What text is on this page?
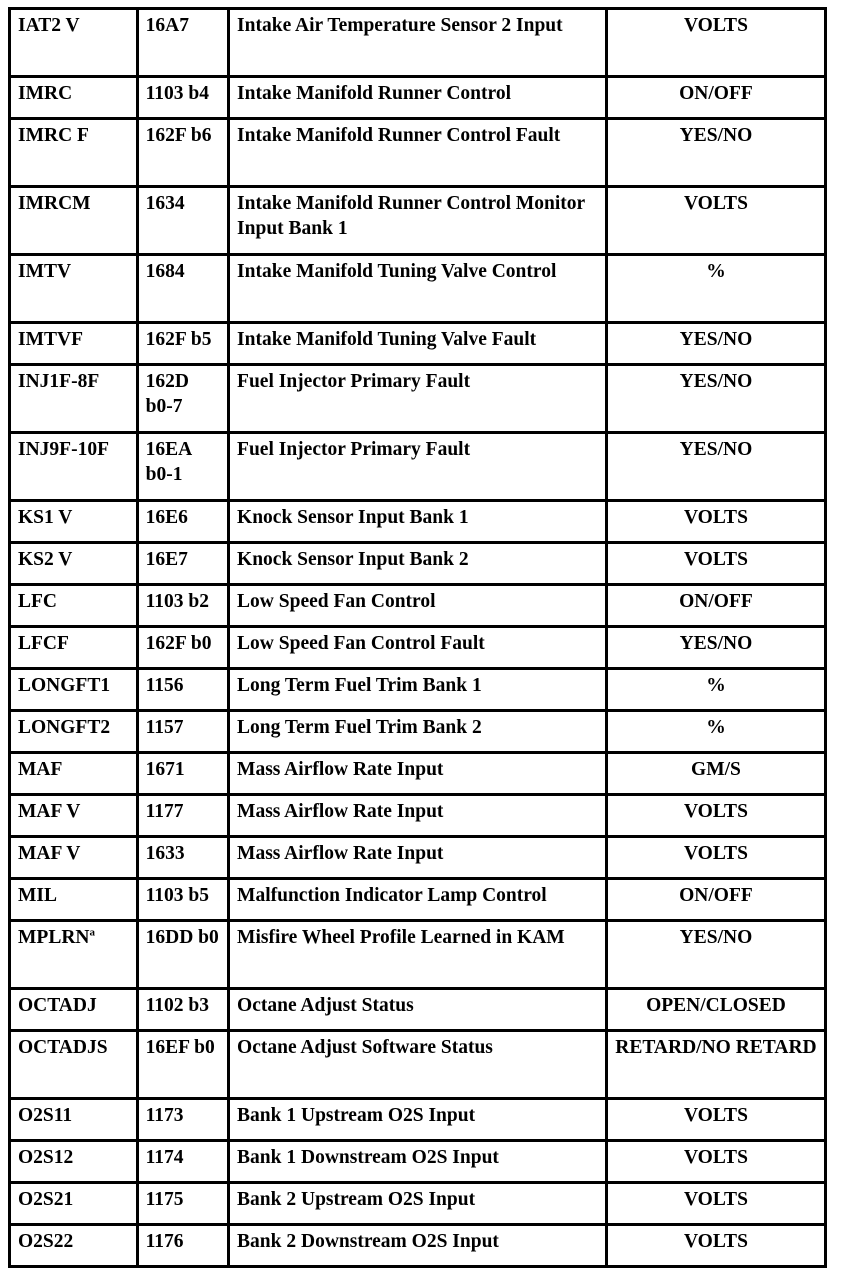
IAT2 V	16A7	Intake Air Temperature Sensor 2 Input	VOLTS
IMRC	1103 b4	Intake Manifold Runner Control	ON/OFF
IMRC F	162F b6	Intake Manifold Runner Control Fault	YES/NO
IMRCM	1634	Intake Manifold Runner Control Monitor Input Bank 1	VOLTS
IMTV	1684	Intake Manifold Tuning Valve Control	%
IMTVF	162F b5	Intake Manifold Tuning Valve Fault	YES/NO
INJ1F-8F	162D b0-7	Fuel Injector Primary Fault	YES/NO
INJ9F-10F	16EA b0-1	Fuel Injector Primary Fault	YES/NO
KS1 V	16E6	Knock Sensor Input Bank 1	VOLTS
KS2 V	16E7	Knock Sensor Input Bank 2	VOLTS
LFC	1103 b2	Low Speed Fan Control	ON/OFF
LFCF	162F b0	Low Speed Fan Control Fault	YES/NO
LONGFT1	1156	Long Term Fuel Trim Bank 1	%
LONGFT2	1157	Long Term Fuel Trim Bank 2	%
MAF	1671	Mass Airflow Rate Input	GM/S
MAF V	1177	Mass Airflow Rate Input	VOLTS
MAF V	1633	Mass Airflow Rate Input	VOLTS
MIL	1103 b5	Malfunction Indicator Lamp Control	ON/OFF
MPLRN$^a$	16DD b0	Misfire Wheel Profile Learned in KAM	YES/NO
OCTADJ	1102 b3	Octane Adjust Status	OPEN/CLOSED
OCTADJS	16EF b0	Octane Adjust Software Status	RETARD/NO RETARD
O2S11	1173	Bank 1 Upstream O2S Input	VOLTS
O2S12	1174	Bank 1 Downstream O2S Input	VOLTS
O2S21	1175	Bank 2 Upstream O2S Input	VOLTS
O2S22	1176	Bank 2 Downstream O2S Input	VOLTS
